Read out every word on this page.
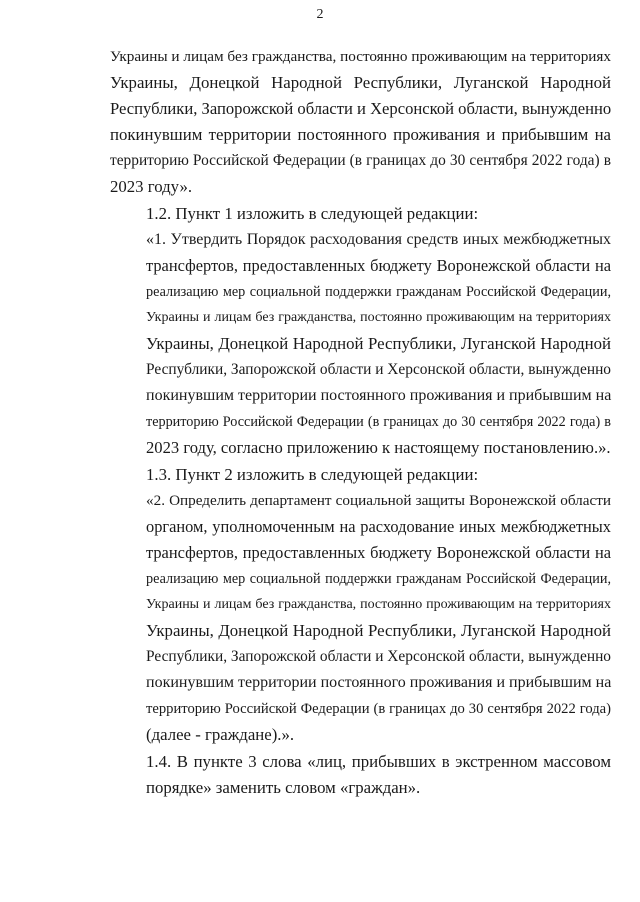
2

Украины и лицам без гражданства, постоянно проживающим на территориях
Украины, Донецкой Народной Республики, Луганской Народной
Республики, Запорожской области и Херсонской области, вынужденно
покинувшим территории постоянного проживания и прибывшим на
территорию Российской Федерации (в границах до 30 сентября 2022 года) в
2023 году».

1.2. Пункт 1 изложить в следующей редакции:

«1. Утвердить Порядок расходования средств иных межбюджетных
трансфертов, предоставленных бюджету Воронежской области на
реализацию мер социальной поддержки гражданам Российской Федерации,
Украины и лицам без гражданства, постоянно проживающим на территориях
Украины, Донецкой Народной Республики, Луганской Народной
Республики, Запорожской области и Херсонской области, вынужденно
покинувшим территории постоянного проживания и прибывшим на
территорию Российской Федерации (в границах до 30 сентября 2022 года) в
2023 году, согласно приложению к настоящему постановлению.».

1.3. Пункт 2 изложить в следующей редакции:

«2. Определить департамент социальной защиты Воронежской области
органом, уполномоченным на расходование иных межбюджетных
трансфертов, предоставленных бюджету Воронежской области на
реализацию мер социальной поддержки гражданам Российской Федерации,
Украины и лицам без гражданства, постоянно проживающим на территориях
Украины, Донецкой Народной Республики, Луганской Народной
Республики, Запорожской области и Херсонской области, вынужденно
покинувшим территории постоянного проживания и прибывшим на
территорию Российской Федерации (в границах до 30 сентября 2022 года)
(далее - граждане).».

1.4. В пункте 3 слова «лиц, прибывших в экстренном массовом
порядке» заменить словом «граждан».
